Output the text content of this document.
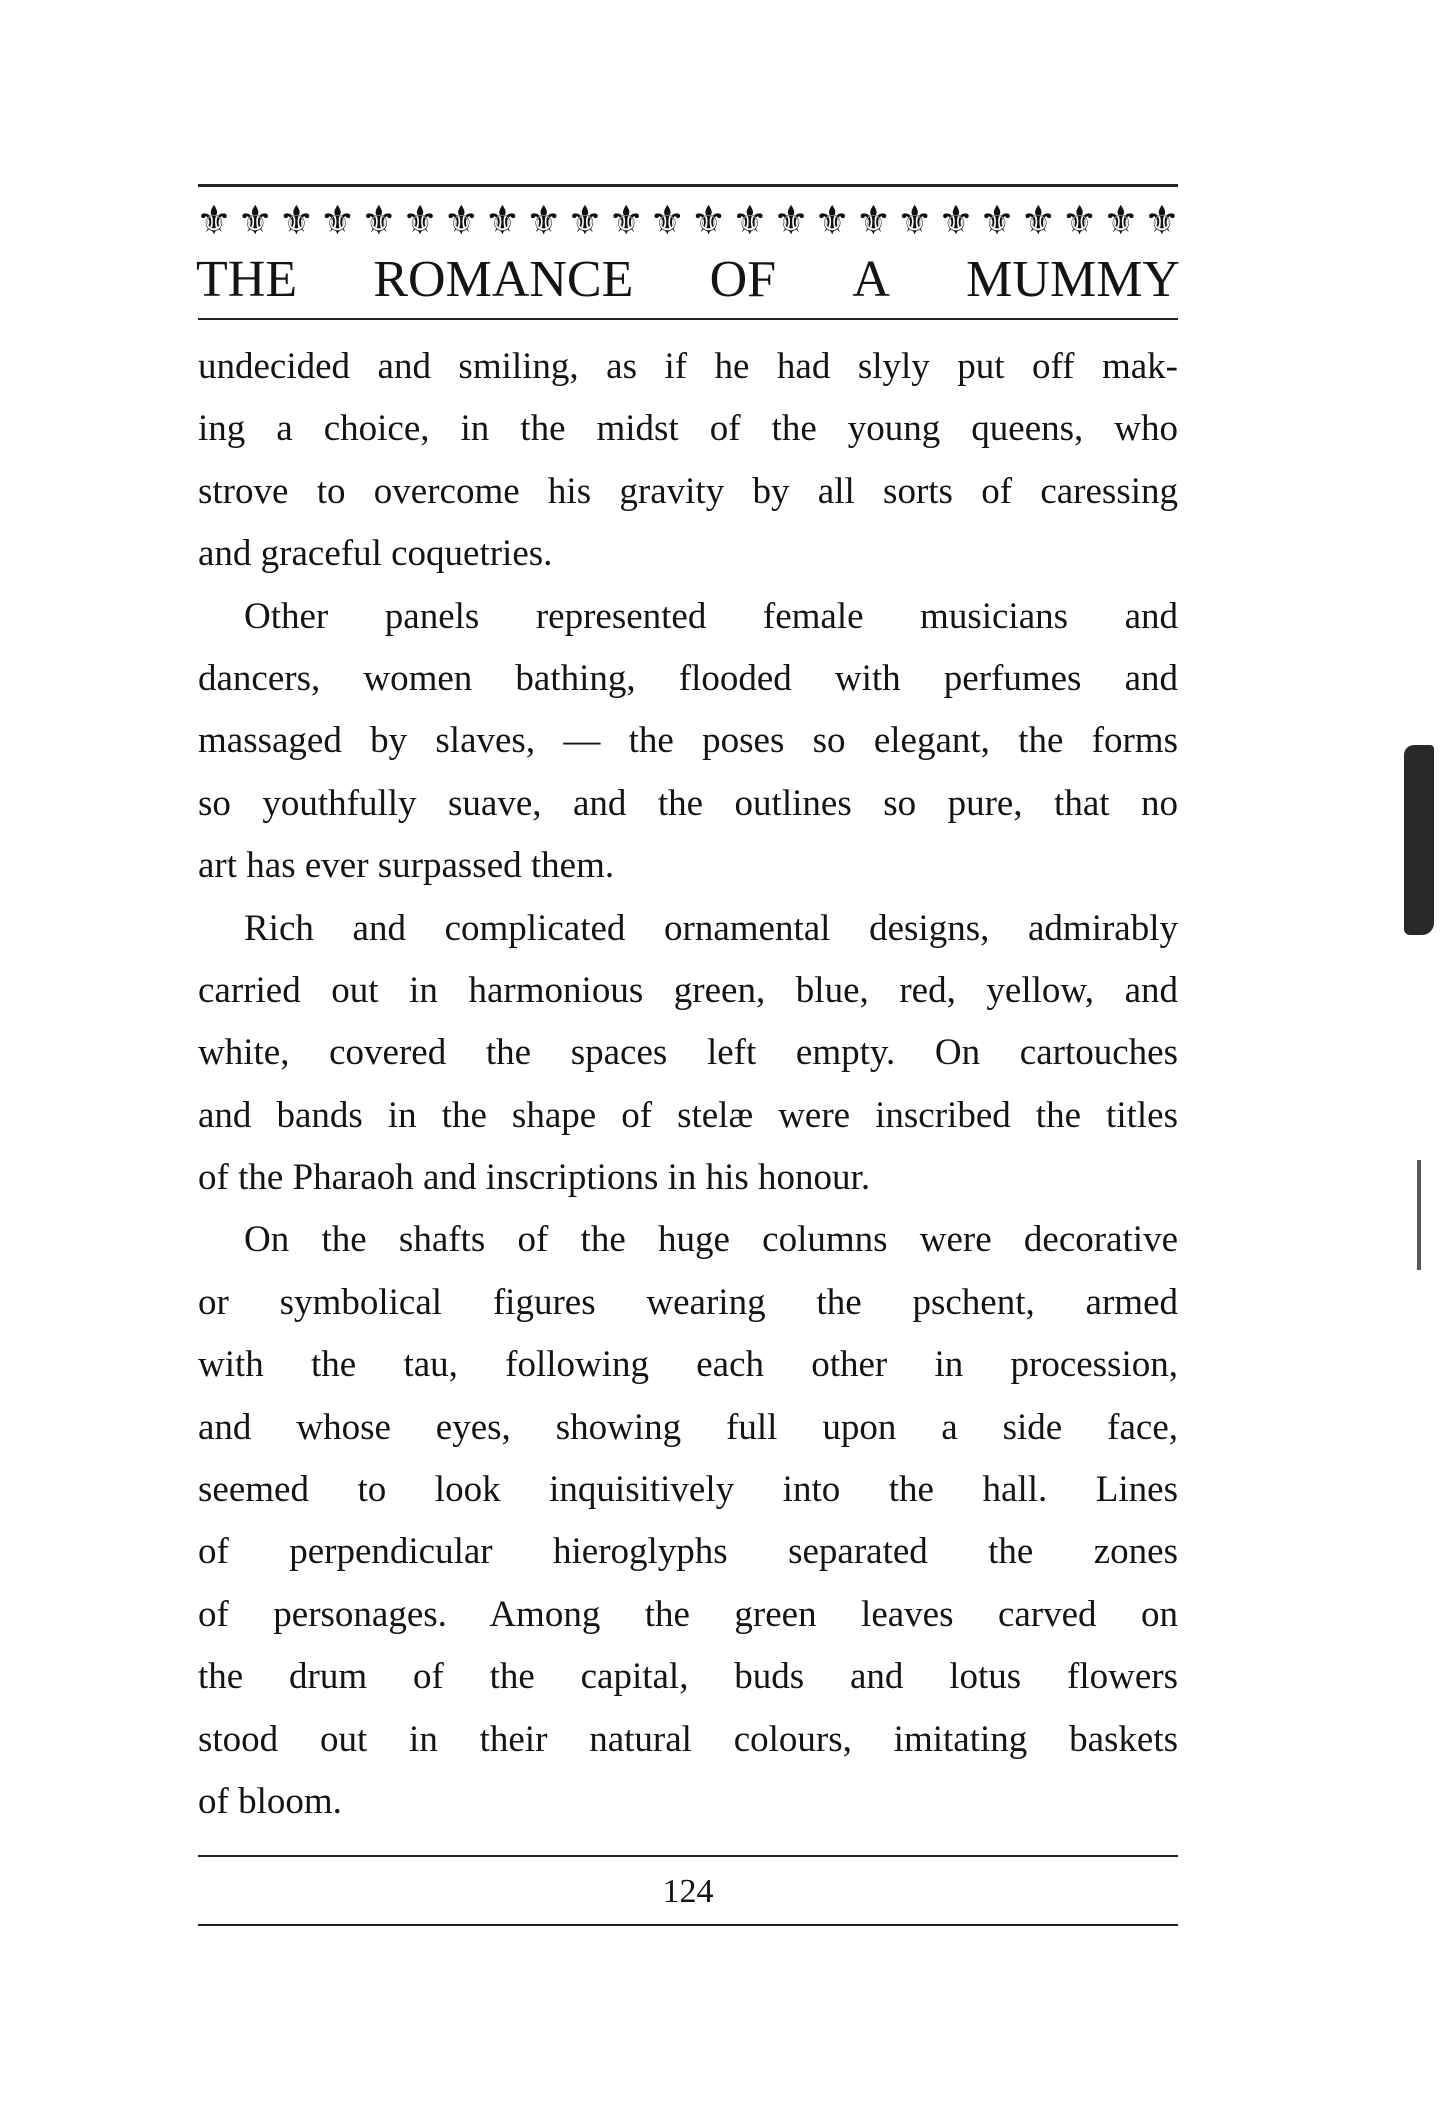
⚜ ⚜ ⚜ ⚜ ⚜ ⚜ ⚜ ⚜ ⚜ ⚜ ⚜ ⚜ ⚜ ⚜ ⚜ ⚜ ⚜ ⚜ ⚜ ⚜ ⚜ ⚜ ⚜ ⚜
THE ROMANCE OF A MUMMY
undecided and smiling, as if he had slyly put off mak-
ing a choice, in the midst of the young queens, who
strove to overcome his gravity by all sorts of caressing
and graceful coquetries.
Other panels represented female musicians and
dancers, women bathing, flooded with perfumes and
massaged by slaves, — the poses so elegant, the forms
so youthfully suave, and the outlines so pure, that no
art has ever surpassed them.
Rich and complicated ornamental designs, admirably
carried out in harmonious green, blue, red, yellow, and
white, covered the spaces left empty. On cartouches
and bands in the shape of stelæ were inscribed the titles
of the Pharaoh and inscriptions in his honour.
On the shafts of the huge columns were decorative
or symbolical figures wearing the pschent, armed
with the tau, following each other in procession,
and whose eyes, showing full upon a side face,
seemed to look inquisitively into the hall. Lines
of perpendicular hieroglyphs separated the zones
of personages. Among the green leaves carved on
the drum of the capital, buds and lotus flowers
stood out in their natural colours, imitating baskets
of bloom.
124
